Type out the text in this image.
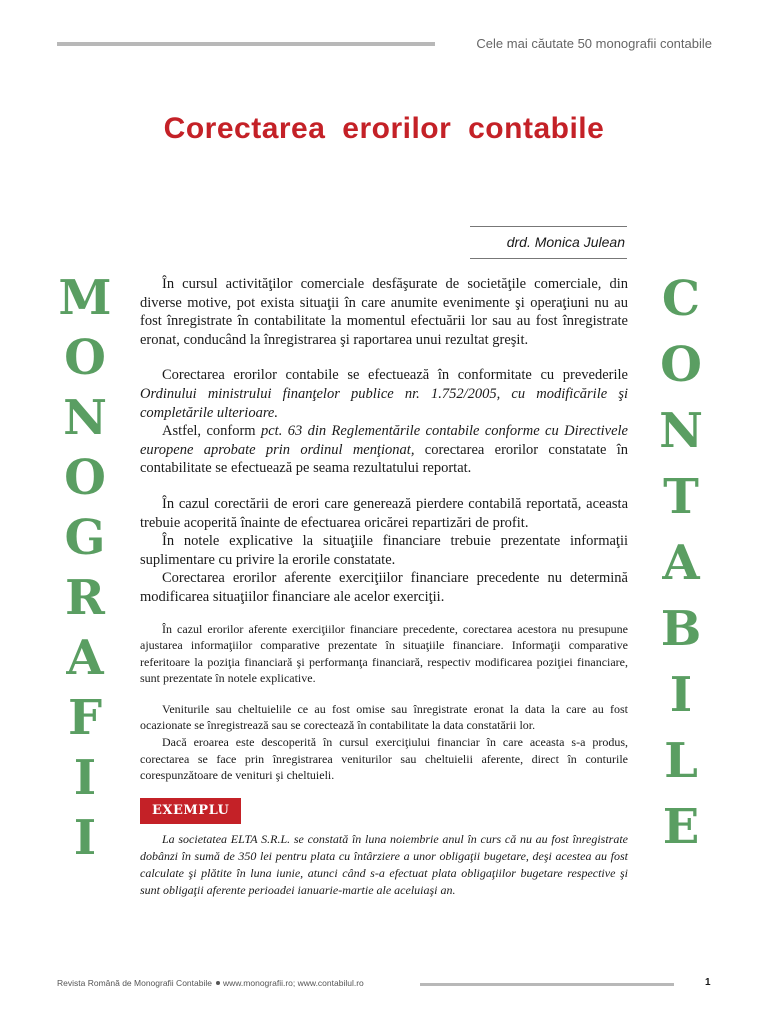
Cele mai căutate 50 monografii contabile
Corectarea erorilor contabile
drd. Monica Julean
M
O
N
O
G
R
A
F
I
I
C
O
N
T
A
B
I
L
E

În cursul activităţilor comerciale desfăşurate de societăţile comerciale, din diverse motive, pot exista situaţii în care anumite evenimente şi operaţiuni nu au fost înregistrate în contabilitate la momentul efectuării lor sau au fost înregistrate eronat, conducând la înregistrarea şi raportarea unui rezultat greşit.

Corectarea erorilor contabile se efectuează în conformitate cu prevederile Ordinului ministrului finanţelor publice nr. 1.752/2005, cu modificările şi completările ulterioare.

Astfel, conform pct. 63 din Reglementările contabile conforme cu Directivele europene aprobate prin ordinul menţionat, corectarea erorilor constatate în contabilitate se efectuează pe seama rezultatului reportat.

În cazul corectării de erori care generează pierdere contabilă reportată, aceasta trebuie acoperită înainte de efectuarea oricărei repartizări de profit.

În notele explicative la situaţiile financiare trebuie prezentate informaţii suplimentare cu privire la erorile constatate.

Corectarea erorilor aferente exerciţiilor financiare precedente nu determină modificarea situaţiilor financiare ale acelor exerciţii.

În cazul erorilor aferente exerciţiilor financiare precedente, corectarea acestora nu presupune ajustarea informaţiilor comparative prezentate în situaţiile financiare. Informaţii comparative referitoare la poziţia financiară şi performanţa financiară, respectiv modificarea poziţiei financiare, sunt prezentate în notele explicative.

Veniturile sau cheltuielile ce au fost omise sau înregistrate eronat la data la care au fost ocazionate se înregistrează sau se corectează în contabilitate la data constatării lor.

Dacă eroarea este descoperită în cursul exerciţiului financiar în care aceasta s-a produs, corectarea se face prin înregistrarea veniturilor sau cheltuielii aferente, direct în conturile corespunzătoare de venituri şi cheltuieli.

EXEMPLU

La societatea ELTA S.R.L. se constată în luna noiembrie anul în curs că nu au fost înregistrate dobânzi în sumă de 350 lei pentru plata cu întârziere a unor obligaţii bugetare, deşi acestea au fost calculate şi plătite în luna iunie, atunci când s-a efectuat plata obligaţiilor bugetare respective şi sunt obligaţii aferente perioadei ianuarie-martie ale aceluiaşi an.

Revista Română de Monografii Contabile www.monografii.ro; www.contabilul.ro	1
